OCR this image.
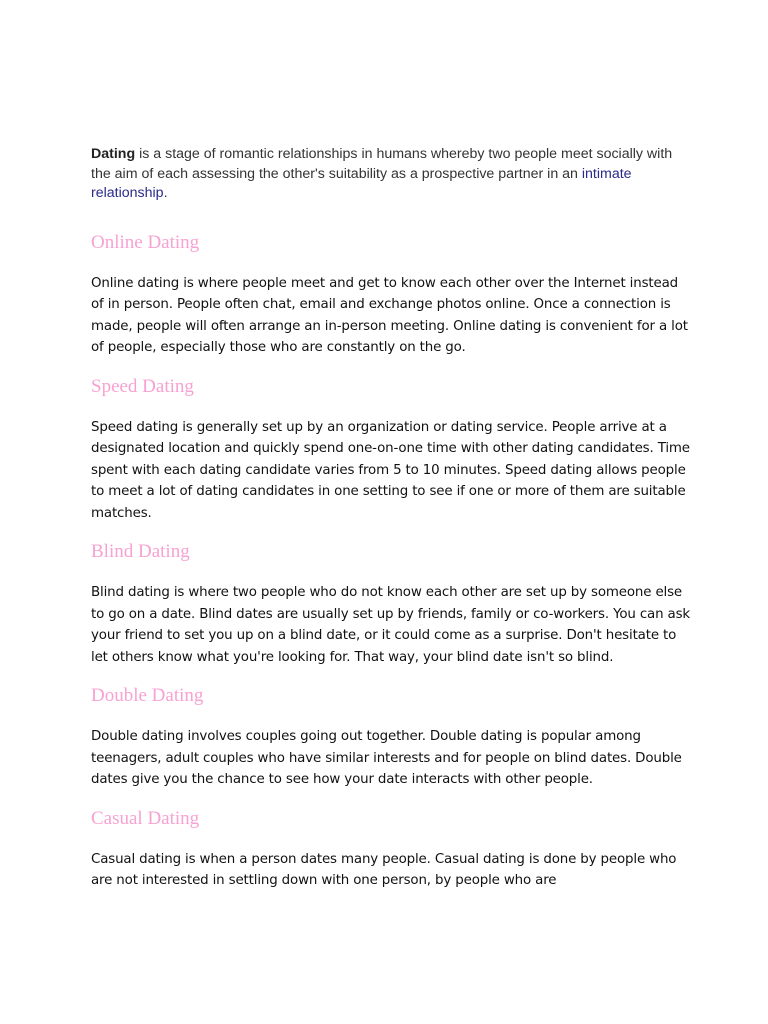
Dating is a stage of romantic relationships in humans whereby two people meet socially with the aim of each assessing the other's suitability as a prospective partner in an intimate relationship.

Online Dating

Online dating is where people meet and get to know each other over the Internet instead of in person. People often chat, email and exchange photos online. Once a connection is made, people will often arrange an in-person meeting. Online dating is convenient for a lot of people, especially those who are constantly on the go.

Speed Dating

Speed dating is generally set up by an organization or dating service. People arrive at a designated location and quickly spend one-on-one time with other dating candidates. Time spent with each dating candidate varies from 5 to 10 minutes. Speed dating allows people to meet a lot of dating candidates in one setting to see if one or more of them are suitable matches.

Blind Dating

Blind dating is where two people who do not know each other are set up by someone else to go on a date. Blind dates are usually set up by friends, family or co-workers. You can ask your friend to set you up on a blind date, or it could come as a surprise. Don't hesitate to let others know what you're looking for. That way, your blind date isn't so blind.

Double Dating

Double dating involves couples going out together. Double dating is popular among teenagers, adult couples who have similar interests and for people on blind dates. Double dates give you the chance to see how your date interacts with other people.

Casual Dating

Casual dating is when a person dates many people. Casual dating is done by people who are not interested in settling down with one person, by people who are
